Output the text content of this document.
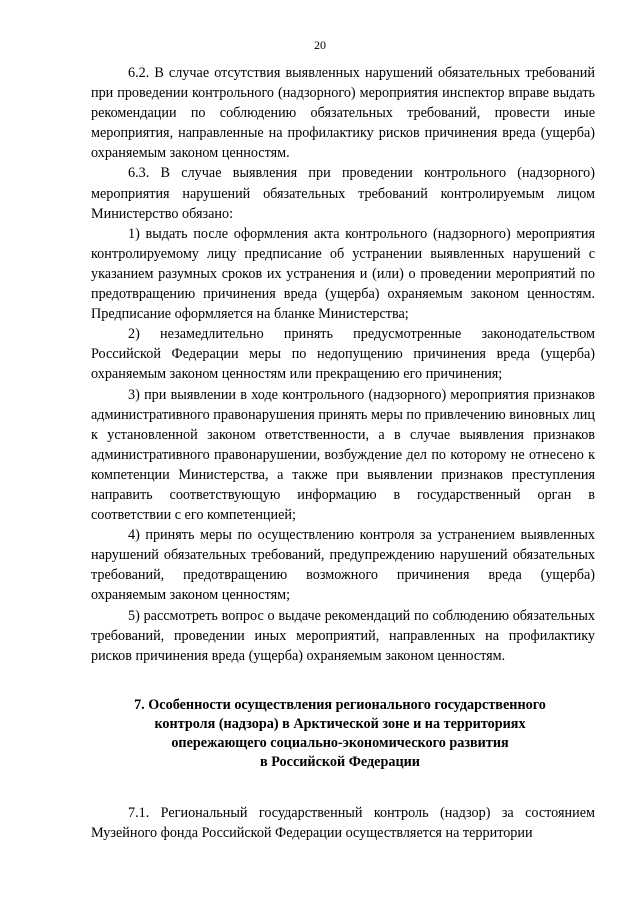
20

6.2. В случае отсутствия выявленных нарушений обязательных требований при проведении контрольного (надзорного) мероприятия инспектор вправе выдать рекомендации по соблюдению обязательных требований, провести иные мероприятия, направленные на профилактику рисков причинения вреда (ущерба) охраняемым законом ценностям.

6.3. В случае выявления при проведении контрольного (надзорного) мероприятия нарушений обязательных требований контролируемым лицом Министерство обязано:

1) выдать после оформления акта контрольного (надзорного) мероприятия контролируемому лицу предписание об устранении выявленных нарушений с указанием разумных сроков их устранения и (или) о проведении мероприятий по предотвращению причинения вреда (ущерба) охраняемым законом ценностям. Предписание оформляется на бланке Министерства;

2) незамедлительно принять предусмотренные законодательством Российской Федерации меры по недопущению причинения вреда (ущерба) охраняемым законом ценностям или прекращению его причинения;

3) при выявлении в ходе контрольного (надзорного) мероприятия признаков административного правонарушения принять меры по привлечению виновных лиц к установленной законом ответственности, а в случае выявления признаков административного правонарушении, возбуждение дел по которому не отнесено к компетенции Министерства, а также при выявлении признаков преступления направить соответствующую информацию в государственный орган в соответствии с его компетенцией;

4) принять меры по осуществлению контроля за устранением выявленных нарушений обязательных требований, предупреждению нарушений обязательных требований, предотвращению возможного причинения вреда (ущерба) охраняемым законом ценностям;

5) рассмотреть вопрос о выдаче рекомендаций по соблюдению обязательных требований, проведении иных мероприятий, направленных на профилактику рисков причинения вреда (ущерба) охраняемым законом ценностям.

7. Особенности осуществления регионального государственного
контроля (надзора) в Арктической зоне и на территориях
опережающего социально-экономического развития
в Российской Федерации

7.1. Региональный государственный контроль (надзор) за состоянием Музейного фонда Российской Федерации осуществляется на территории
